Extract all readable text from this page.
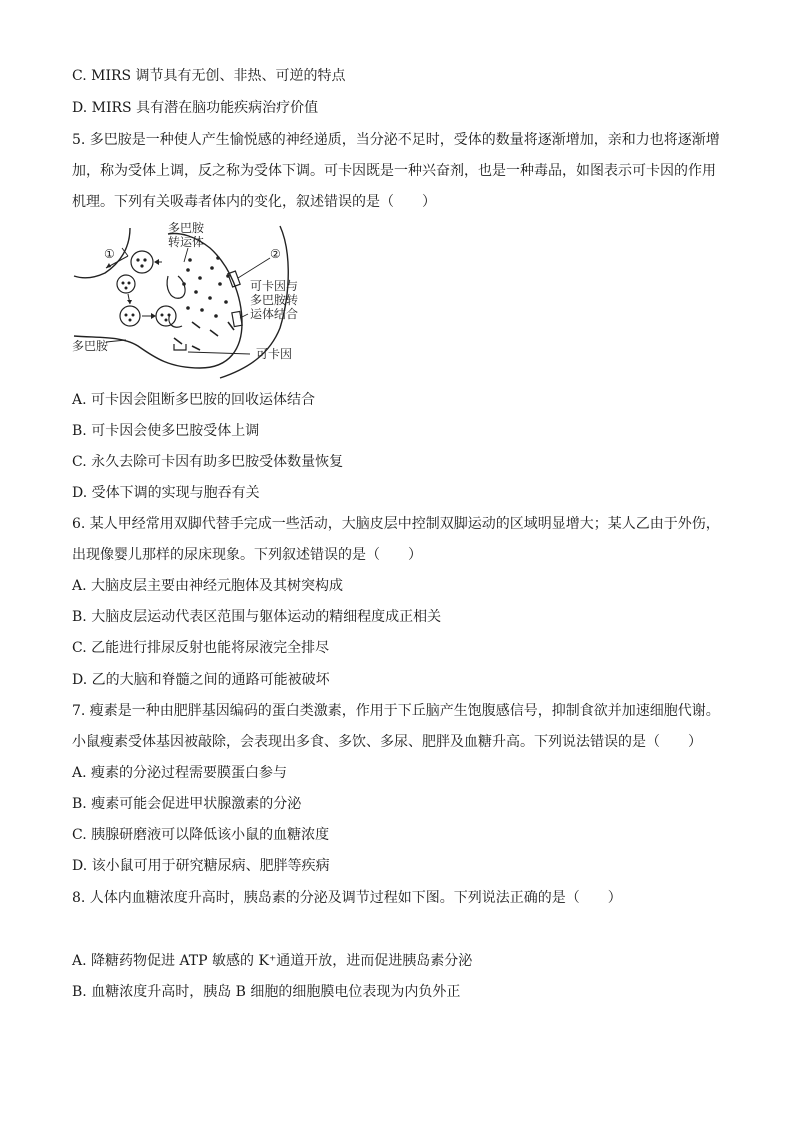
C. MIRS 调节具有无创、非热、可逆的特点
D. MIRS 具有潜在脑功能疾病治疗价值
5. 多巴胺是一种使人产生愉悦感的神经递质，当分泌不足时，受体的数量将逐渐增加，亲和力也将逐渐增
加，称为受体上调，反之称为受体下调。可卡因既是一种兴奋剂，也是一种毒品，如图表示可卡因的作用
机理。下列有关吸毒者体内的变化，叙述错误的是（　　）
多巴胺
转运体
①	②
可卡因与
多巴胺转
运体结合
多巴胺
可卡因
A. 可卡因会阻断多巴胺的回收运体结合
B. 可卡因会使多巴胺受体上调
C. 永久去除可卡因有助多巴胺受体数量恢复
D. 受体下调的实现与胞吞有关
6. 某人甲经常用双脚代替手完成一些活动，大脑皮层中控制双脚运动的区域明显增大；某人乙由于外伤，
出现像婴儿那样的尿床现象。下列叙述错误的是（　　）
A. 大脑皮层主要由神经元胞体及其树突构成
B. 大脑皮层运动代表区范围与躯体运动的精细程度成正相关
C. 乙能进行排尿反射也能将尿液完全排尽
D. 乙的大脑和脊髓之间的通路可能被破坏
7. 瘦素是一种由肥胖基因编码的蛋白类激素，作用于下丘脑产生饱腹感信号，抑制食欲并加速细胞代谢。
小鼠瘦素受体基因被敲除，会表现出多食、多饮、多尿、肥胖及血糖升高。下列说法错误的是（　　）
A. 瘦素的分泌过程需要膜蛋白参与
B. 瘦素可能会促进甲状腺激素的分泌
C. 胰腺研磨液可以降低该小鼠的血糖浓度
D. 该小鼠可用于研究糖尿病、肥胖等疾病
8. 人体内血糖浓度升高时，胰岛素的分泌及调节过程如下图。下列说法正确的是（　　）
A. 降糖药物促进 ATP 敏感的 K⁺通道开放，进而促进胰岛素分泌
B. 血糖浓度升高时，胰岛 B 细胞的细胞膜电位表现为内负外正
